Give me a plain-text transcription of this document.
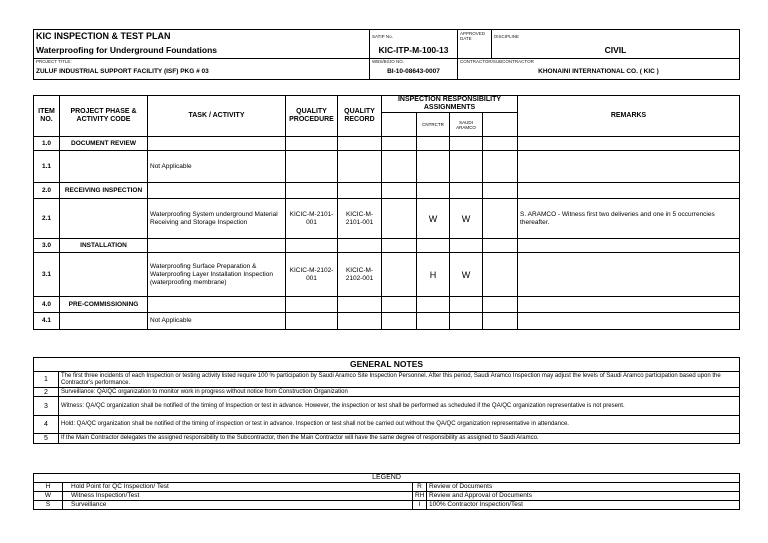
KIC INSPECTION & TEST PLAN	SATIP No.	APPROVED DATE	DISCIPLINE

Waterproofing for Underground Foundations	KIC-ITP-M-100-13		CIVIL

PROJECT TITLE:	WBS/BI/JO NO.	CONTRACTOR/SUBCONTRACTOR	

ZULUF INDUSTRIAL SUPPORT FACILITY (ISF) PKG # 03	BI-10-08643-0007	KHONAINI INTERNATIONAL CO. ( KIC )	
ITEM NO.	PROJECT PHASE & ACTIVITY CODE	TASK / ACTIVITY	QUALITY PROCEDURE	QUALITY RECORD	INSPECTION RESPONSIBILITY ASSIGNMENTS				REMARKS
						CNTRCTR	SAUDI ARAMCO		
1.0	DOCUMENT REVIEW								
1.1		Not Applicable							
2.0	RECEIVING INSPECTION								
2.1		Waterproofing System underground Material Receiving and Storage Inspection	KICIC-M-2101-001	KICIC-M-2101-001		W	W		S. ARAMCO - Witness first two deliveries and one in 5 occurrencies thereafter.
3.0	INSTALLATION								
3.1		Waterproofing Surface Preparation & Waterproofing Layer Installation Inspection (waterproofing membrane)	KICIC-M-2102-001	KICIC-M-2102-001		H	W		
4.0	PRE-COMMISSIONING								
4.1		Not Applicable							
GENERAL NOTES	
1	The first three incidents of each Inspection or testing activity listed require 100 % participation by Saudi Aramco Site Inspection Personnel. After this period, Saudi Aramco Inspection may adjust the levels of Saudi Aramco participation based upon the Contractor's performance.
2	Surveillance: QA/QC organization to monitor work in progress without notice from Construction Organization
3	Witness: QA/QC organization shall be notified of the timing of Inspection or test in advance. However, the inspection or test shall be performed as scheduled if the QA/QC organization representative is not present.
4	Hold: QA/QC organization shall be notified of the timing of inspection or test in advance. Inspection or test shall not be carried out without the QA/QC organization representative in attendance.
5	If the Main Contractor delegates the assigned responsibility to the Subcontractor, then the Main Contractor will have the same degree of responsibility as assigned to Saudi Aramco.
LEGEND			
H	Hold Point for QC Inspection/ Test	R	Review of Documents
W	Witness Inspection/Test	RH	Review and Approval of Documents
S	Surveillance	I	100% Contractor Inspection/Test
